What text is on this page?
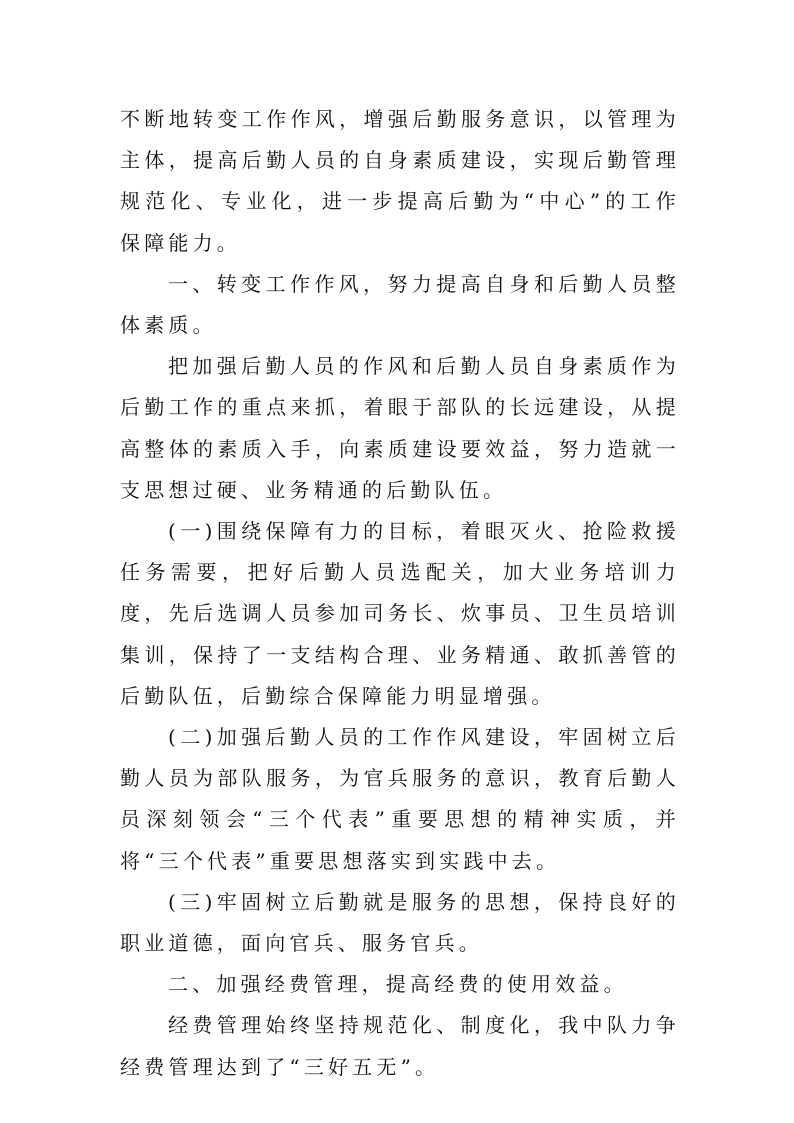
不断地转变工作作风，增强后勤服务意识，以管理为主体，提高后勤人员的自身素质建设，实现后勤管理规范化、专业化，进一步提高后勤为“中心”的工作保障能力。

一、转变工作作风，努力提高自身和后勤人员整体素质。

把加强后勤人员的作风和后勤人员自身素质作为后勤工作的重点来抓，着眼于部队的长远建设，从提高整体的素质入手，向素质建设要效益，努力造就一支思想过硬、业务精通的后勤队伍。

(一)围绕保障有力的目标，着眼灭火、抢险救援任务需要，把好后勤人员选配关，加大业务培训力度，先后选调人员参加司务长、炊事员、卫生员培训集训，保持了一支结构合理、业务精通、敢抓善管的后勤队伍，后勤综合保障能力明显增强。

(二)加强后勤人员的工作作风建设，牢固树立后勤人员为部队服务，为官兵服务的意识，教育后勤人员深刻领会“三个代表”重要思想的精神实质，并将“三个代表”重要思想落实到实践中去。

(三)牢固树立后勤就是服务的思想，保持良好的职业道德，面向官兵、服务官兵。

二、加强经费管理，提高经费的使用效益。

经费管理始终坚持规范化、制度化，我中队力争经费管理达到了“三好五无”。
